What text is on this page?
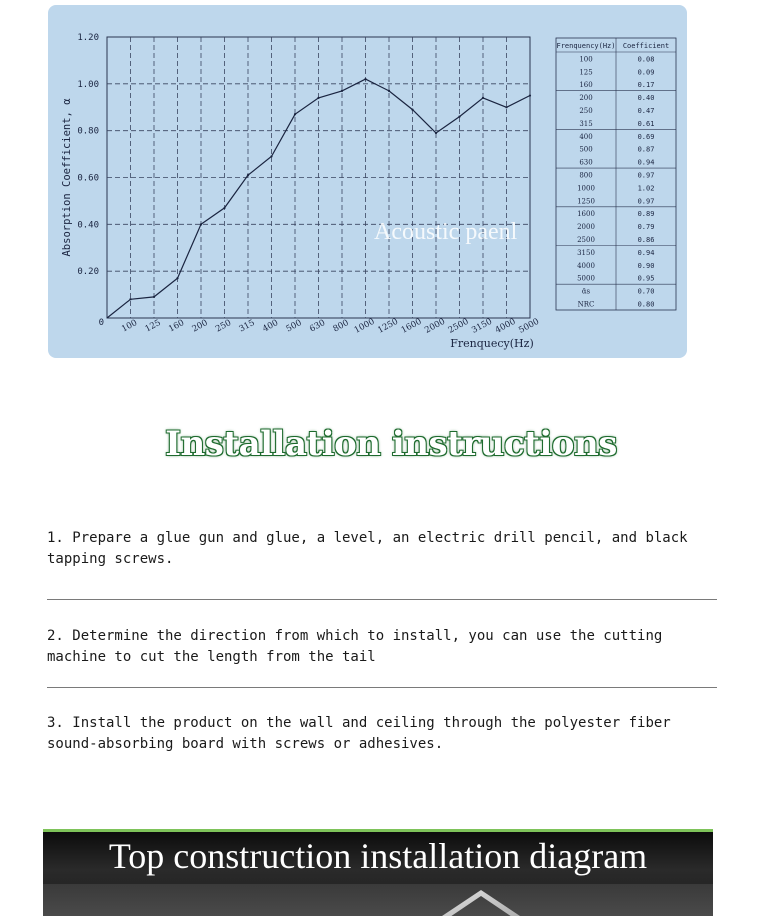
0.20
0.40
0.60
0.80
1.00
1.20
0 100 125 160 200 250 315 400 500 630 800 1000 1250 1600 2000 2500 3150 4000 5000
Absorption Coefficient, α
Frenquecy(Hz)
Frenquency(Hz) Coefficient
100	0.08
125	0.09
160	0.17
200	0.40
250	0.47
315	0.61
400	0.69
500	0.87
630	0.94
800	0.97
1000	1.02
1250	0.97
1600	0.89
2000	0.79
2500	0.86
3150	0.94
4000	0.90
5000	0.95
ᾱs	0.70
NRC	0.80
Acoustic paenl
Installation instructions
1. Prepare a glue gun and glue, a level, an electric drill pencil, and black tapping screws.
2. Determine the direction from which to install, you can use the cutting machine to cut the length from the tail
3. Install the product on the wall and ceiling through the polyester fiber sound-absorbing board with screws or adhesives.
Top construction installation diagram
